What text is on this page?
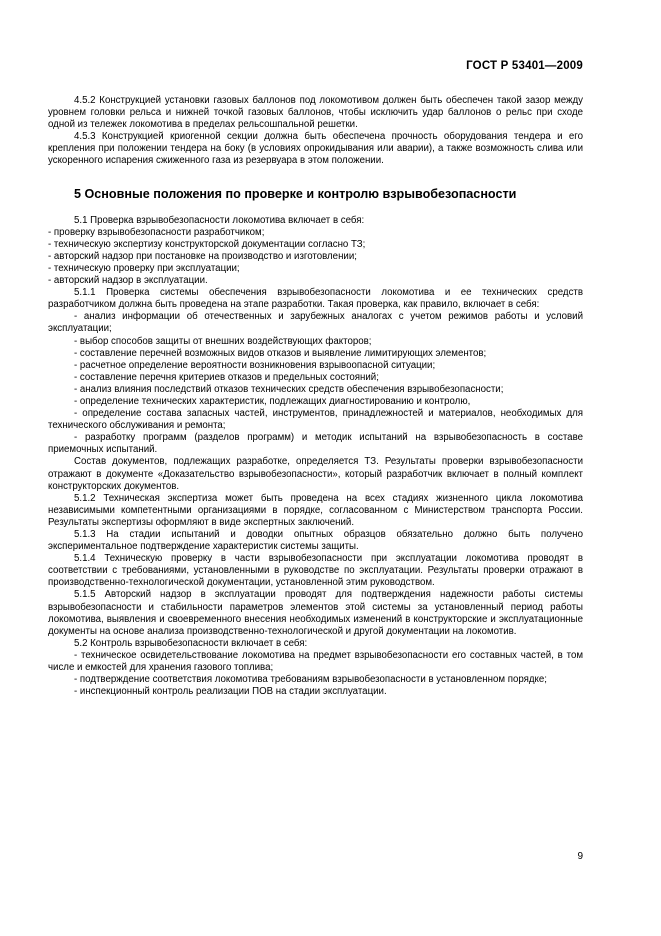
ГОСТ Р 53401—2009

4.5.2 Конструкцией установки газовых баллонов под локомотивом должен быть обеспечен такой зазор между уровнем головки рельса и нижней точкой газовых баллонов, чтобы исключить удар баллонов о рельс при сходе одной из тележек локомотива в пределах рельсошпальной решетки.

4.5.3 Конструкцией криогенной секции должна быть обеспечена прочность оборудования тендера и его крепления при положении тендера на боку (в условиях опрокидывания или аварии), а также возможность слива или ускоренного испарения сжиженного газа из резервуара в этом положении.

5 Основные положения по проверке и контролю взрывобезопасности

5.1 Проверка взрывобезопасности локомотива включает в себя:

- проверку взрывобезопасности разработчиком;

- техническую экспертизу конструкторской документации согласно ТЗ;

- авторский надзор при постановке на производство и изготовлении;

- техническую проверку при эксплуатации;

- авторский надзор в эксплуатации.

5.1.1 Проверка системы обеспечения взрывобезопасности локомотива и ее технических средств разработчиком должна быть проведена на этапе разработки. Такая проверка, как правило, включает в себя:

- анализ информации об отечественных и зарубежных аналогах с учетом режимов работы и условий эксплуатации;

- выбор способов защиты от внешних воздействующих факторов;

- составление перечней возможных видов отказов и выявление лимитирующих элементов;

- расчетное определение вероятности возникновения взрывоопасной ситуации;

- составление перечня критериев отказов и предельных состояний;

- анализ влияния последствий отказов технических средств обеспечения взрывобезопасности;

- определение технических характеристик, подлежащих диагностированию и контролю,

- определение состава запасных частей, инструментов, принадлежностей и материалов, необходимых для технического обслуживания и ремонта;

- разработку программ (разделов программ) и методик испытаний на взрывобезопасность в составе приемочных испытаний.

Состав документов, подлежащих разработке, определяется ТЗ. Результаты проверки взрывобезопасности отражают в документе «Доказательство взрывобезопасности», который разработчик включает в полный комплект конструкторских документов.

5.1.2 Техническая экспертиза может быть проведена на всех стадиях жизненного цикла локомотива независимыми компетентными организациями в порядке, согласованном с Министерством транспорта России. Результаты экспертизы оформляют в виде экспертных заключений.

5.1.3 На стадии испытаний и доводки опытных образцов обязательно должно быть получено экспериментальное подтверждение характеристик системы защиты.

5.1.4 Техническую проверку в части взрывобезопасности при эксплуатации локомотива проводят в соответствии с требованиями, установленными в руководстве по эксплуатации. Результаты проверки отражают в производственно-технологической документации, установленной этим руководством.

5.1.5 Авторский надзор в эксплуатации проводят для подтверждения надежности работы системы взрывобезопасности и стабильности параметров элементов этой системы за установленный период работы локомотива, выявления и своевременного внесения необходимых изменений в конструкторские и эксплуатационные документы на основе анализа производственно-технологической и другой документации на локомотив.

5.2 Контроль взрывобезопасности включает в себя:

- техническое освидетельствование локомотива на предмет взрывобезопасности его составных частей, в том числе и емкостей для хранения газового топлива;

- подтверждение соответствия локомотива требованиям взрывобезопасности в установленном порядке;

- инспекционный контроль реализации ПОВ на стадии эксплуатации.

9
